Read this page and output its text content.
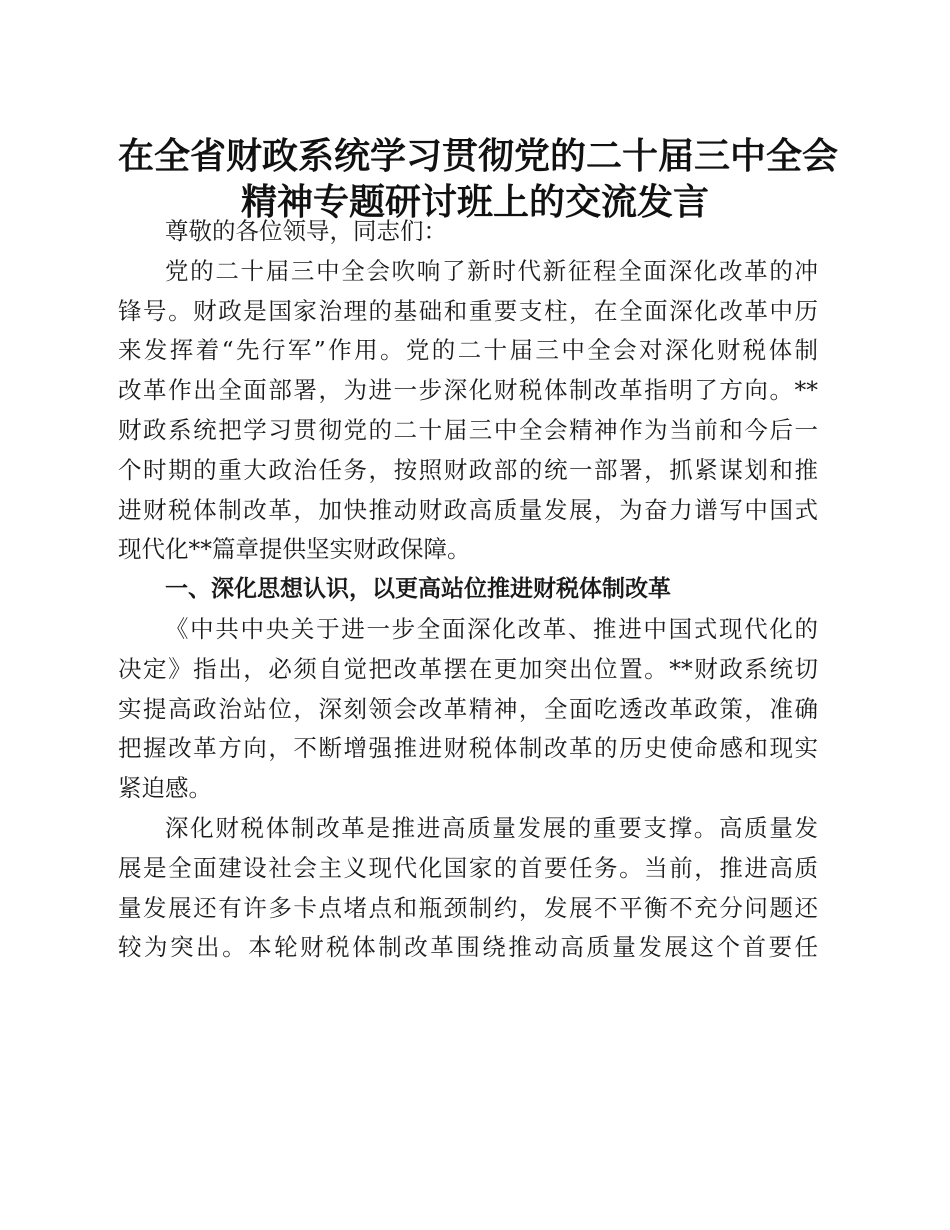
在全省财政系统学习贯彻党的二十届三中全会
精神专题研讨班上的交流发言
尊敬的各位领导，同志们：
党的二十届三中全会吹响了新时代新征程全面深化改革的冲
锋号。财政是国家治理的基础和重要支柱，在全面深化改革中历
来发挥着“先行军”作用。党的二十届三中全会对深化财税体制
改革作出全面部署，为进一步深化财税体制改革指明了方向。**
财政系统把学习贯彻党的二十届三中全会精神作为当前和今后一
个时期的重大政治任务，按照财政部的统一部署，抓紧谋划和推
进财税体制改革，加快推动财政高质量发展，为奋力谱写中国式
现代化**篇章提供坚实财政保障。
一、深化思想认识，以更高站位推进财税体制改革
《中共中央关于进一步全面深化改革、推进中国式现代化的
决定》指出，必须自觉把改革摆在更加突出位置。**财政系统切
实提高政治站位，深刻领会改革精神，全面吃透改革政策，准确
把握改革方向，不断增强推进财税体制改革的历史使命感和现实
紧迫感。
深化财税体制改革是推进高质量发展的重要支撑。高质量发
展是全面建设社会主义现代化国家的首要任务。当前，推进高质
量发展还有许多卡点堵点和瓶颈制约，发展不平衡不充分问题还
较为突出。本轮财税体制改革围绕推动高质量发展这个首要任
